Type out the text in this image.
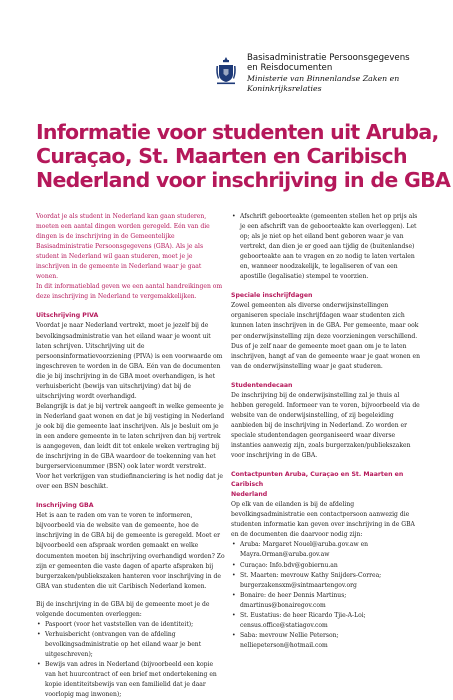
Basisadministratie Persoonsgegevens
en Reisdocumenten
Ministerie van Binnenlandse Zaken en
Koninkrijksrelaties
Informatie voor studenten uit Aruba,
Curaçao, St. Maarten en Caribisch
Nederland voor inschrijving in de GBA

Voordat je als student in Nederland kan gaan studeren, moeten een aantal dingen worden geregeld. Eén van die dingen is de inschrijving in de Gemeentelijke Basisadministratie Persoonsgegevens (GBA). Als je als student in Nederland wil gaan studeren, moet je je inschrijven in de gemeente in Nederland waar je gaat wonen.

In dit informatieblad geven we een aantal handreikingen om deze inschrijving in Nederland te vergemakkelijken.

Uitschrijving PIVA

Voordat je naar Nederland vertrekt, moet je jezelf bij de bevolkingsadministratie van het eiland waar je woont uit laten schrijven. Uitschrijving uit de persoonsinformatievoorziening (PIVA) is een voorwaarde om ingeschreven te worden in de GBA. Eén van de documenten die je bij inschrijving in de GBA moet overhandigen, is het verhuisbericht (bewijs van uitschrijving) dat bij de uitschrijving wordt overhandigd.

Belangrijk is dat je bij vertrek aangeeft in welke gemeente je in Nederland gaat wonen en dat je bij vestiging in Nederland je ook bij die gemeente laat inschrijven. Als je besluit om je in een andere gemeente in te laten schrijven dan bij vertrek is aangegeven, dan leidt dit tot enkele weken vertraging bij de inschrijving in de GBA waardoor de toekenning van het burgerservicenummer (BSN) ook later wordt verstrekt.

Voor het verkrijgen van studiefinanciering is het nodig dat je over een BSN beschikt.

Inschrijving GBA

Het is aan te raden om van te voren te informeren, bijvoorbeeld via de website van de gemeente, hoe de inschrijving in de GBA bij de gemeente is geregeld. Moet er bijvoorbeeld een afspraak worden gemaakt en welke documenten moeten bij inschrijving overhandigd worden? Zo zijn er gemeenten die vaste dagen of aparte afspraken bij burgerzaken/publiekszaken hanteren voor inschrijving in de GBA van studenten die uit Caribisch Nederland komen.

Bij de inschrijving in de GBA bij de gemeente moet je de volgende documenten overleggen:

• Paspoort (voor het vaststellen van de identiteit);
• Verhuisbericht (ontvangen van de afdeling bevolkingsadministratie op het eiland waar je bent uitgeschreven);
• Bewijs van adres in Nederland (bijvoorbeeld een kopie van het huurcontract of een brief met ondertekening en kopie identiteitsbewijs van een familielid dat je daar voorlopig mag inwonen);
• Afschrift geboorteakte (gemeenten stellen het op prijs als je een afschrift van de geboorteakte kan overleggen). Let op; als je niet op het eiland bent geboren waar je van vertrekt, dan dien je er goed aan tijdig de (buitenlandse) geboorteakte aan te vragen en zo nodig te laten vertalen en, wanneer noodzakelijk, te legaliseren of van een apostille (legalisatie) stempel te voorzien.
Speciale inschrijfdagen

Zowel gemeenten als diverse onderwijsinstellingen organiseren speciale inschrijfdagen waar studenten zich kunnen laten inschrijven in de GBA. Per gemeente, maar ook per onderwijsinstelling zijn deze voorzieningen verschillend. Dus of je zelf naar de gemeente moet gaan om je te laten inschrijven, hangt af van de gemeente waar je gaat wonen en van de onderwijsinstelling waar je gaat studeren.

Studentendecaan

De inschrijving bij de onderwijsinstelling zal je thuis al hebben geregeld. Informeer van te voren, bijvoorbeeld via de website van de onderwijsinstelling, of zij begeleiding aanbieden bij de inschrijving in Nederland. Zo worden er speciale studentendagen georganiseerd waar diverse instanties aanwezig zijn, zoals burgerzaken/publiekszaken voor inschrijving in de GBA.

Contactpunten Aruba, Curaçao en St. Maarten en Caribisch
Nederland

Op elk van de eilanden is bij de afdeling bevolkingsadministratie een contactpersoon aanwezig die studenten informatie kan geven over inschrijving in de GBA en de documenten die daarvoor nodig zijn:

• Aruba: Margaret Nouel@aruba.gov.aw en Mayra.Orman@aruba.gov.aw
• Curaçao: Info.bdv@gobiernu.an
• St. Maarten: mevrouw Kathy Snijders-Correa; burgerzakensxm@sintmaartengov.org
• Bonaire: de heer Dennis Martinus; dmartinus@bonairegov.com
• St. Eustatius: de heer Ricardo Tjie-A-Loi; census.office@statiagov.com
• Saba: mevrouw Nellie Peterson; nelliepeterson@hotmail.com
